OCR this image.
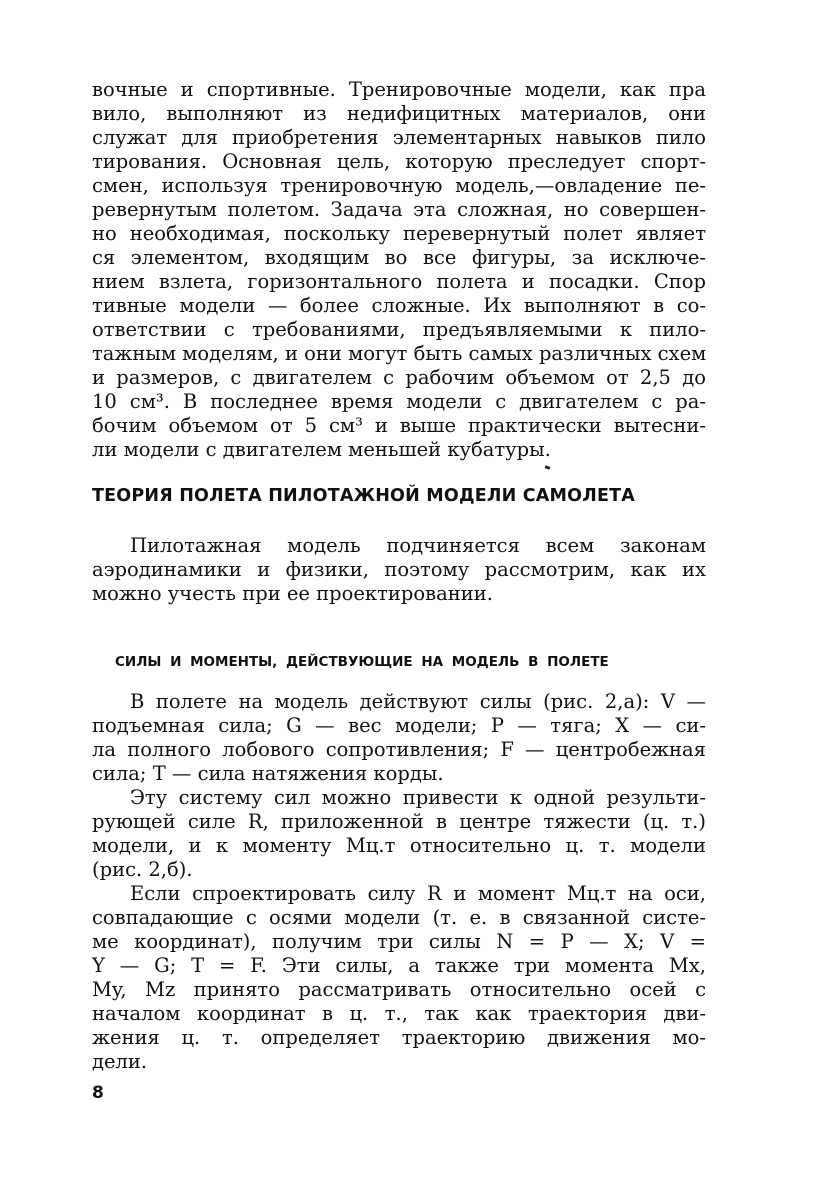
вочные и спортивные. Тренировочные модели, как пра
вило, выполняют из недифицитных материалов, они
служат для приобретения элементарных навыков пило
тирования. Основная цель, которую преследует спорт-
смен, используя тренировочную модель,—овладение пе-
ревернутым полетом. Задача эта сложная, но совершен-
но необходимая, поскольку перевернутый полет являет
ся элементом, входящим во все фигуры, за исключе-
нием взлета, горизонтального полета и посадки. Спор
тивные модели — более сложные. Их выполняют в со-
ответствии с требованиями, предъявляемыми к пило-
тажным моделям, и они могут быть самых различных схем
и размеров, с двигателем с рабочим объемом от 2,5 до
10 см³. В последнее время модели с двигателем с ра-
бочим объемом от 5 см³ и выше практически вытесни-
ли модели с двигателем меньшей кубатуры.
ТЕОРИЯ ПОЛЕТА ПИЛОТАЖНОЙ МОДЕЛИ САМОЛЕТА
Пилотажная модель подчиняется всем законам
аэродинамики и физики, поэтому рассмотрим, как их
можно учесть при ее проектировании.
СИЛЫ И МОМЕНТЫ, ДЕЙСТВУЮЩИЕ НА МОДЕЛЬ В ПОЛЕТЕ
В полете на модель действуют силы (рис. 2,а): V —
подъемная сила; G — вес модели; P — тяга; X — си-
ла полного лобового сопротивления; F — центробежная
сила; T — сила натяжения корды.
Эту систему сил можно привести к одной результи-
рующей силе R, приложенной в центре тяжести (ц. т.)
модели, и к моменту Mц.т относительно ц. т. модели
(рис. 2,б).
Если спроектировать силу R и момент Mц.т на оси,
совпадающие с осями модели (т. е. в связанной систе-
ме координат), получим три силы N = P — X; V =
Y — G; T = F. Эти силы, а также три момента Mx,
My, Mz принято рассматривать относительно осей с
началом координат в ц. т., так как траектория дви-
жения ц. т. определяет траекторию движения мо-
дели.
8
